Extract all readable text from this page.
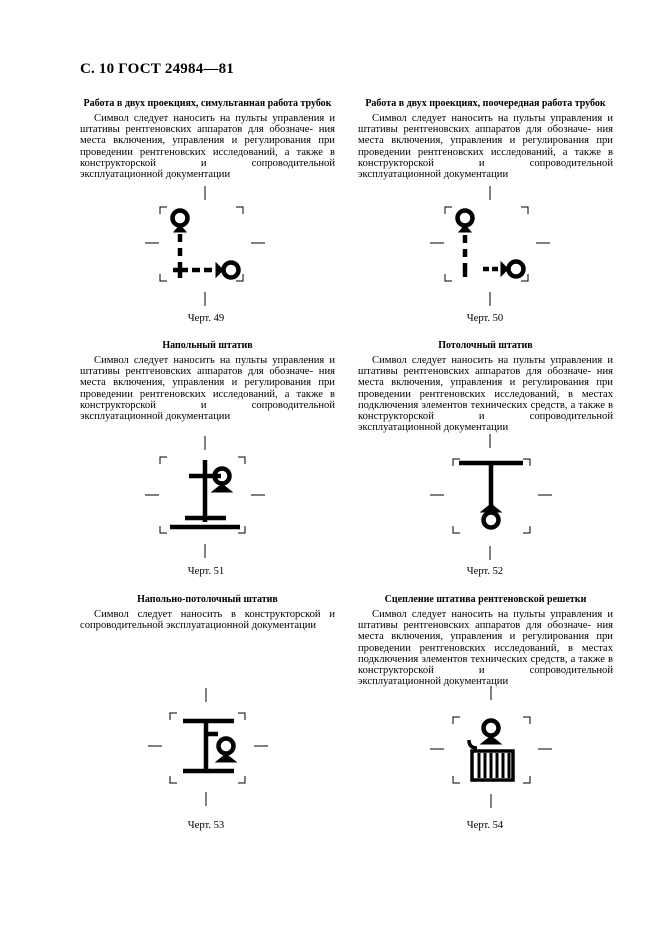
С. 10 ГОСТ 24984—81
Работа в двух проекциях, симультанная работа трубок

Символ следует наносить на пульты управления и штативы рентгеновских аппаратов для обозначе- ния места включения, управления и регулирования при проведении рентгеновских исследований, а также в конструкторской и сопроводительной эксплуатационной документации

Черт. 49
Работа в двух проекциях, поочередная работа трубок

Символ следует наносить на пульты управления и штативы рентгеновских аппаратов для обозначе- ния места включения, управления и регулирования при проведении рентгеновских исследований, а также в конструкторской и сопроводительной эксплуатационной документации

Черт. 50
Напольный штатив

Символ следует наносить на пульты управления и штативы рентгеновских аппаратов для обозначе- ния места включения, управления и регулирования при проведении рентгеновских исследований, а также в конструкторской и сопроводительной эксплуатационной документации

Черт. 51
Потолочный штатив

Символ следует наносить на пульты управления и штативы рентгеновских аппаратов для обозначе- ния места включения, управления и регулирования при проведении рентгеновских исследований, в местах подключения элементов технических средств, а также в конструкторской и сопроводительной эксплуатационной документации

Черт. 52
Напольно-потолочный штатив

Символ следует наносить в конструкторской и сопроводительной эксплуатационной документации

Черт. 53
Сцепление штатива рентгеновской решетки

Символ следует наносить на пульты управления и штативы рентгеновских аппаратов для обозначе- ния места включения, управления и регулирования при проведении рентгеновских исследований, в местах подключения элементов технических средств, а также в конструкторской и сопроводительной эксплуатационной документации

Черт. 54
